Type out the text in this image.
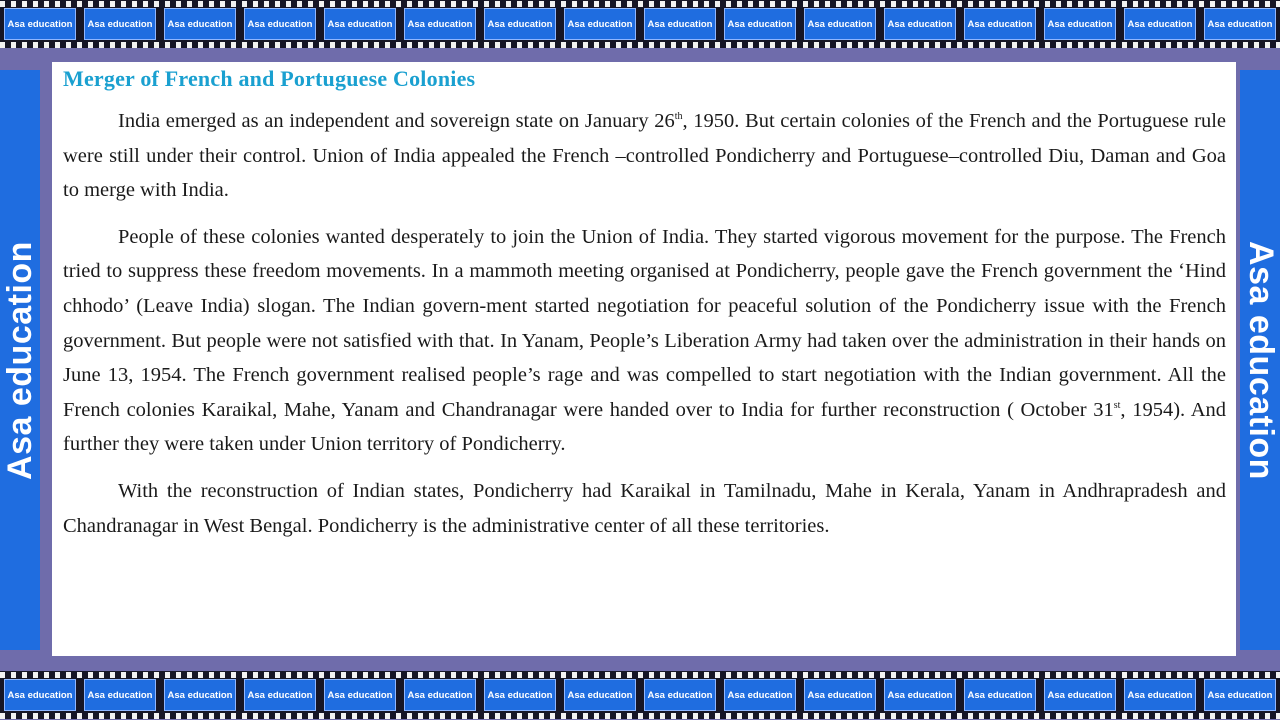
Asa education	Asa education	Asa education	Asa education	Asa education	Asa education	Asa education	Asa education	Asa education	Asa education	Asa education	Asa education	Asa education	Asa education	Asa education	Asa education
Asa education	Asa education
Merger of French and Portuguese Colonies

India emerged as an independent and sovereign state on January 26th, 1950. But certain colonies of the French and the Portuguese rule were still under their control. Union of India appealed the French –controlled Pondicherry and Portuguese–controlled Diu, Daman and Goa to merge with India.

People of these colonies wanted desperately to join the Union of India. They started vigorous movement for the purpose. The French tried to suppress these freedom movements. In a mammoth meeting organised at Pondicherry, people gave the French government the ‘Hind chhodo’ (Leave India) slogan. The Indian govern-ment started negotiation for peaceful solution of the Pondicherry issue with the French government. But people were not satisfied with that. In Yanam, People’s Liberation Army had taken over the administration in their hands on June 13, 1954. The French government realised people’s rage and was compelled to start negotiation with the Indian government. All the French colonies Karaikal, Mahe, Yanam and Chandranagar were handed over to India for further reconstruction ( October 31st, 1954). And further they were taken under Union territory of Pondicherry.

With the reconstruction of Indian states, Pondicherry had Karaikal in Tamilnadu, Mahe in Kerala, Yanam in Andhrapradesh and Chandranagar in West Bengal. Pondicherry is the administrative center of all these territories.

Asa education	Asa education	Asa education	Asa education	Asa education	Asa education	Asa education	Asa education	Asa education	Asa education	Asa education	Asa education	Asa education	Asa education	Asa education	Asa education
